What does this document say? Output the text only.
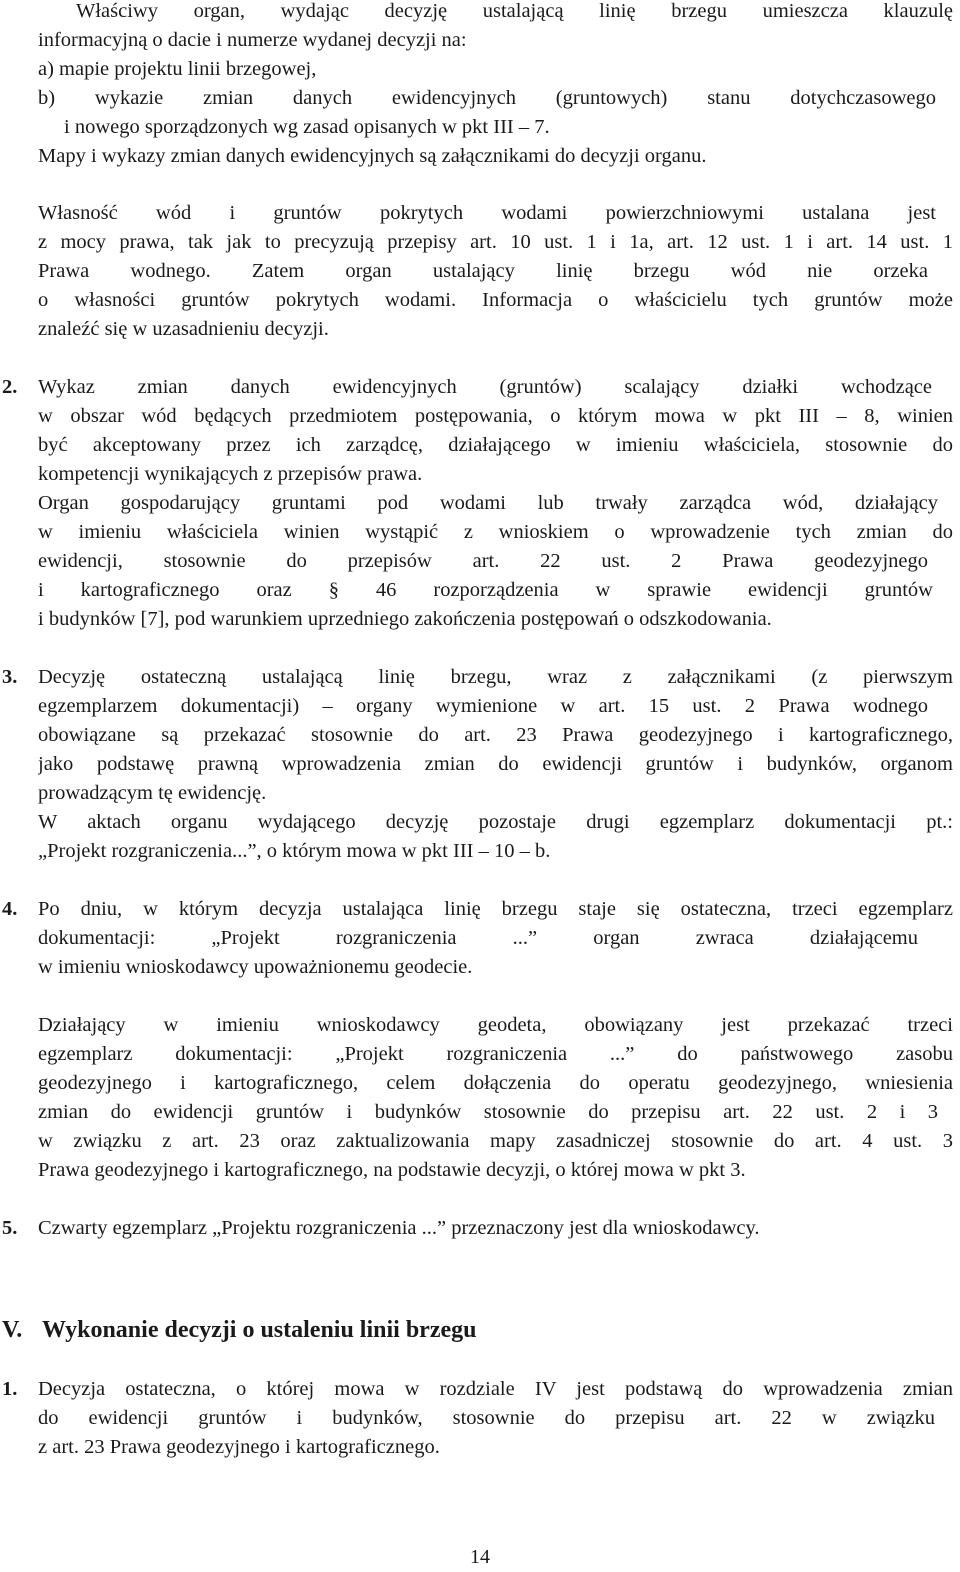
Właściwy organ, wydając decyzję ustalającą linię brzegu umieszcza klauzulę
informacyjną o dacie i numerze wydanej decyzji na:
a) mapie projektu linii brzegowej,
b) wykazie zmian danych ewidencyjnych (gruntowych) stanu dotychczasowego
i nowego sporządzonych wg zasad opisanych w pkt III – 7.
Mapy i wykazy zmian danych ewidencyjnych są załącznikami do decyzji organu.
Własność wód i gruntów pokrytych wodami powierzchniowymi ustalana jest
z mocy prawa, tak jak to precyzują przepisy art. 10 ust. 1 i 1a, art. 12 ust. 1 i art. 14 ust. 1
Prawa wodnego. Zatem organ ustalający linię brzegu wód nie orzeka
o własności gruntów pokrytych wodami. Informacja o właścicielu tych gruntów może
znaleźć się w uzasadnieniu decyzji.
2. Wykaz zmian danych ewidencyjnych (gruntów) scalający działki wchodzące
w obszar wód będących przedmiotem postępowania, o którym mowa w pkt III – 8, winien
być akceptowany przez ich zarządcę, działającego w imieniu właściciela, stosownie do
kompetencji wynikających z przepisów prawa.
Organ gospodarujący gruntami pod wodami lub trwały zarządca wód, działający
w imieniu właściciela winien wystąpić z wnioskiem o wprowadzenie tych zmian do
ewidencji, stosownie do przepisów art. 22 ust. 2 Prawa geodezyjnego
i kartograficznego oraz § 46 rozporządzenia w sprawie ewidencji gruntów
i budynków [7], pod warunkiem uprzedniego zakończenia postępowań o odszkodowania.
3. Decyzję ostateczną ustalającą linię brzegu, wraz z załącznikami (z pierwszym
egzemplarzem dokumentacji) – organy wymienione w art. 15 ust. 2 Prawa wodnego
obowiązane są przekazać stosownie do art. 23 Prawa geodezyjnego i kartograficznego,
jako podstawę prawną wprowadzenia zmian do ewidencji gruntów i budynków, organom
prowadzącym tę ewidencję.
W aktach organu wydającego decyzję pozostaje drugi egzemplarz dokumentacji pt.:
„Projekt rozgraniczenia...”, o którym mowa w pkt III – 10 – b.
4. Po dniu, w którym decyzja ustalająca linię brzegu staje się ostateczna, trzeci egzemplarz
dokumentacji: „Projekt rozgraniczenia ...” organ zwraca działającemu
w imieniu wnioskodawcy upoważnionemu geodecie.
Działający w imieniu wnioskodawcy geodeta, obowiązany jest przekazać trzeci
egzemplarz dokumentacji: „Projekt rozgraniczenia ...” do państwowego zasobu
geodezyjnego i kartograficznego, celem dołączenia do operatu geodezyjnego, wniesienia
zmian do ewidencji gruntów i budynków stosownie do przepisu art. 22 ust. 2 i 3
w związku z art. 23 oraz zaktualizowania mapy zasadniczej stosownie do art. 4 ust. 3
Prawa geodezyjnego i kartograficznego, na podstawie decyzji, o której mowa w pkt 3.
5. Czwarty egzemplarz „Projektu rozgraniczenia ...” przeznaczony jest dla wnioskodawcy.
V. Wykonanie decyzji o ustaleniu linii brzegu
1. Decyzja ostateczna, o której mowa w rozdziale IV jest podstawą do wprowadzenia zmian
do ewidencji gruntów i budynków, stosownie do przepisu art. 22 w związku
z art. 23 Prawa geodezyjnego i kartograficznego.
14
